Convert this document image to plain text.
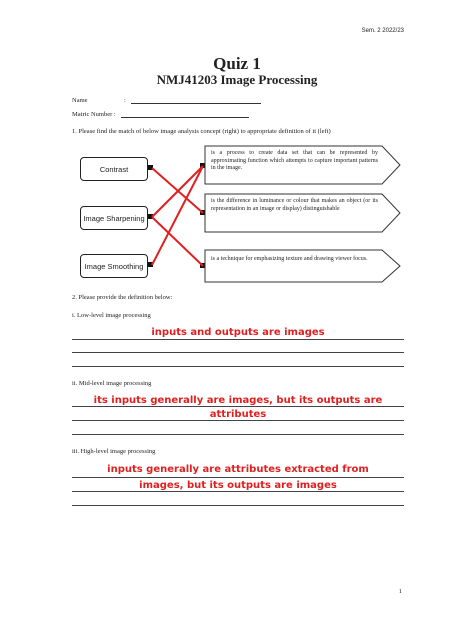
Sem. 2 2022/23
Quiz 1
NMJ41203 Image Processing
Name	:
Matric Number :
1. Please find the match of below image analysis concept (right) to appropriate definition of it (left)
Contrast
Image Sharpening
Image Smoothing
is a process to create data set that can be represented by approximating function which attempts to capture important patterns in the image.
is the difference in luminance or colour that makes an object (or its representation in an image or display) distinguishable
is a technique for emphasizing texture and drawing viewer focus.
2. Please provide the definition below:
i. Low-level image processing
inputs and outputs are images
ii. Mid-level image processing
its inputs generally are images, but its outputs are
attributes
iii. High-level image processing
inputs generally are attributes extracted from
images, but its outputs are images
1
